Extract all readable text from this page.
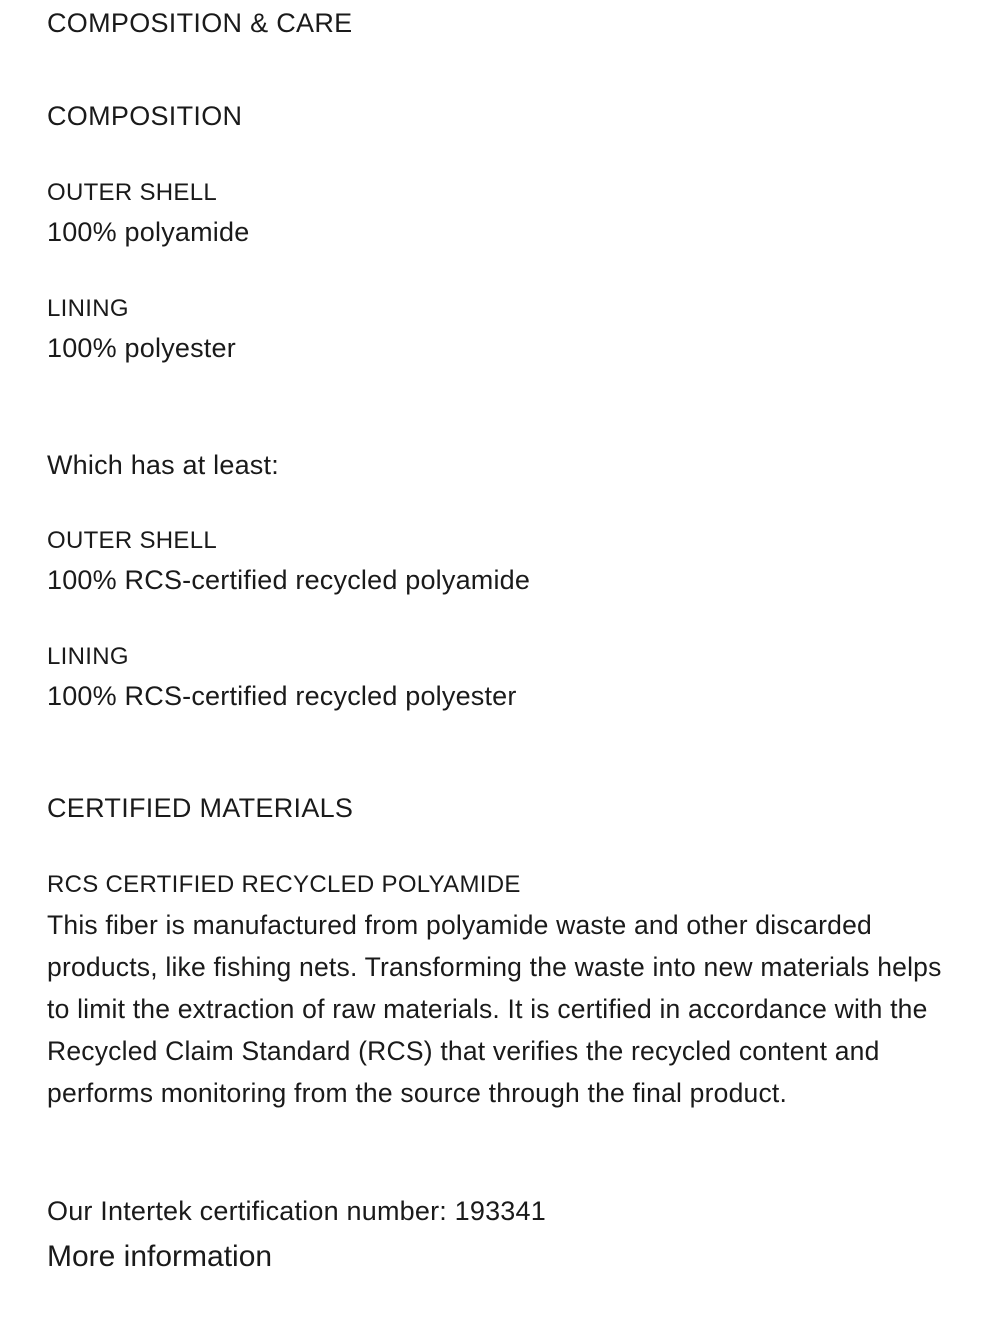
COMPOSITION & CARE
COMPOSITION
OUTER SHELL
100% polyamide
LINING
100% polyester
Which has at least:
OUTER SHELL
100% RCS-certified recycled polyamide
LINING
100% RCS-certified recycled polyester
CERTIFIED MATERIALS
RCS CERTIFIED RECYCLED POLYAMIDE
This fiber is manufactured from polyamide waste and other discarded products, like fishing nets. Transforming the waste into new materials helps to limit the extraction of raw materials. It is certified in accordance with the Recycled Claim Standard (RCS) that verifies the recycled content and performs monitoring from the source through the final product.
Our Intertek certification number: 193341
More information
